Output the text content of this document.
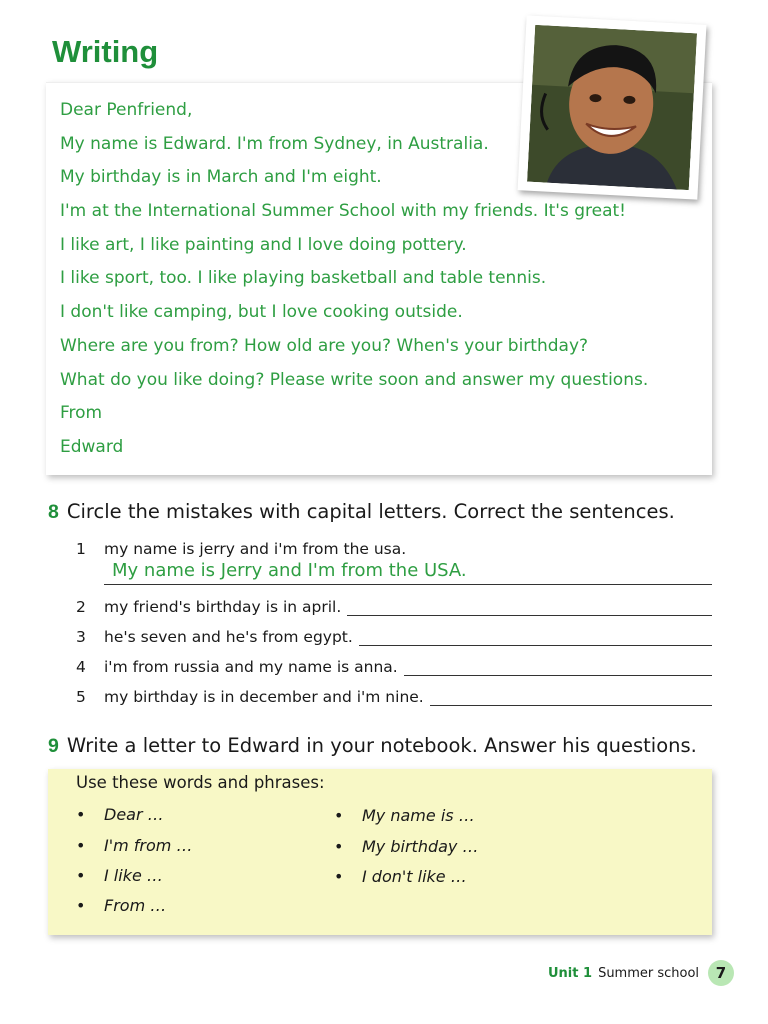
Writing
Dear Penfriend,
My name is Edward. I'm from Sydney, in Australia.
My birthday is in March and I'm eight.
I'm at the International Summer School with my friends. It's great!
I like art, I like painting and I love doing pottery.
I like sport, too. I like playing basketball and table tennis.
I don't like camping, but I love cooking outside.
Where are you from? How old are you? When's your birthday?
What do you like doing? Please write soon and answer my questions.
From
Edward
8 Circle the mistakes with capital letters. Correct the sentences.
1	my name is jerry and i'm from the usa.
My name is Jerry and I'm from the USA.
2	my friend's birthday is in april.
3	he's seven and he's from egypt.
4	i'm from russia and my name is anna.
5	my birthday is in december and i'm nine.
9 Write a letter to Edward in your notebook. Answer his questions.
Use these words and phrases:
• Dear …
• I'm from …
• I like …
• From …
• My name is …
• My birthday …
• I don't like …
Unit 1 Summer school	7
